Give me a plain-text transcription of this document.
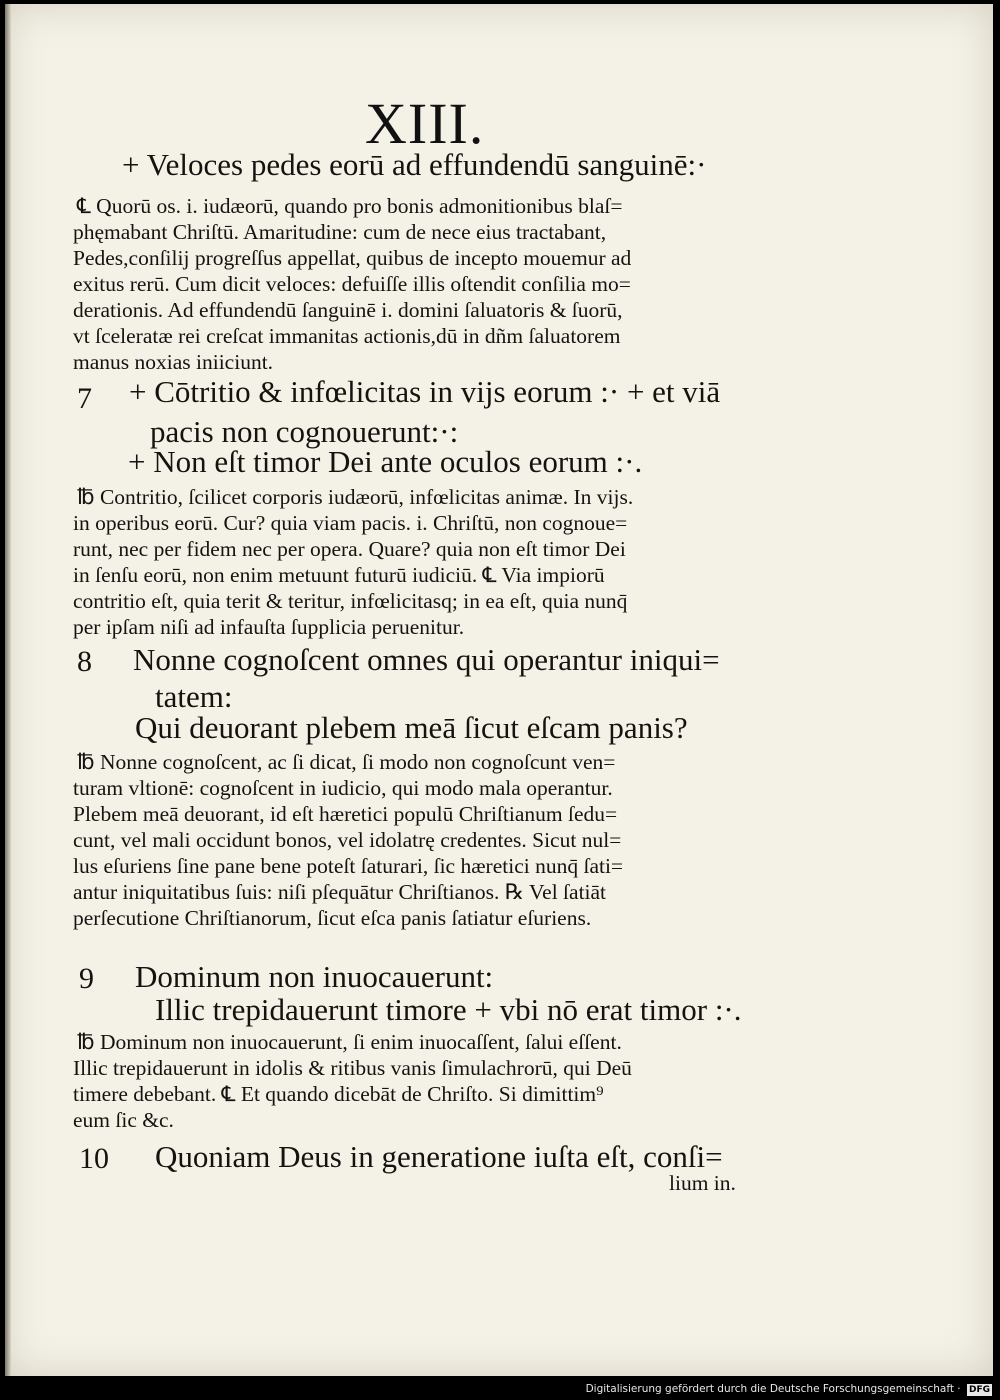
XIII.
+ Veloces pedes eorū ad effundendū sanguinē:·
℄ Quorū os. i. iudæorū, quando pro bonis admonitionibus blaſ=
phęmabant Chriſtū. Amaritudine: cum de nece eius tractabant,
Pedes,conſilij progreſſus appellat, quibus de incepto mouemur ad
exitus rerū. Cum dicit veloces: defuiſſe illis oſtendit conſilia mo=
derationis. Ad effundendū ſanguinē i. domini ſaluatoris & ſuorū,
vt ſceleratæ rei creſcat immanitas actionis,dū in dñm ſaluatorem
manus noxias iniiciunt.
7 + Cōtritio & infœlicitas in vijs eorum :· + et viā
pacis non cognouerunt:·:
+ Non eſt timor Dei ante oculos eorum :·.
℔ Contritio, ſcilicet corporis iudæorū, infœlicitas animæ. In vijs.
in operibus eorū. Cur? quia viam pacis. i. Chriſtū, non cognoue=
runt, nec per fidem nec per opera. Quare? quia non eſt timor Dei
in ſenſu eorū, non enim metuunt futurū iudiciū. ℄ Via impiorū
contritio eſt, quia terit & teritur, infœlicitasq; in ea eſt, quia nunq̄
per ipſam niſi ad infauſta ſupplicia peruenitur.
8 Nonne cognoſcent omnes qui operantur iniqui=
tatem:
Qui deuorant plebem meā ſicut eſcam panis?
℔ Nonne cognoſcent, ac ſi dicat, ſi modo non cognoſcunt ven=
turam vltionē: cognoſcent in iudicio, qui modo mala operantur.
Plebem meā deuorant, id eſt hæretici populū Chriſtianum ſedu=
cunt, vel mali occidunt bonos, vel idolatrę credentes. Sicut nul=
lus eſuriens ſine pane bene poteſt ſaturari, ſic hæretici nunq̄ ſati=
antur iniquitatibus ſuis: niſi pſequātur Chriſtianos. ℞ Vel ſatiāt
perſecutione Chriſtianorum, ſicut eſca panis ſatiatur eſuriens.
9 Dominum non inuocauerunt:
Illic trepidauerunt timore + vbi nō erat timor :·.
℔ Dominum non inuocauerunt, ſi enim inuocaſſent, ſalui eſſent.
Illic trepidauerunt in idolis & ritibus vanis ſimulachrorū, qui Deū
timere debebant. ℄ Et quando dicebāt de Chriſto. Si dimittim⁹
eum ſic &c.
10 Quoniam Deus in generatione iuſta eſt, conſi=
lium in.
Digitalisierung gefördert durch die Deutsche Forschungsgemeinschaft · DFG
